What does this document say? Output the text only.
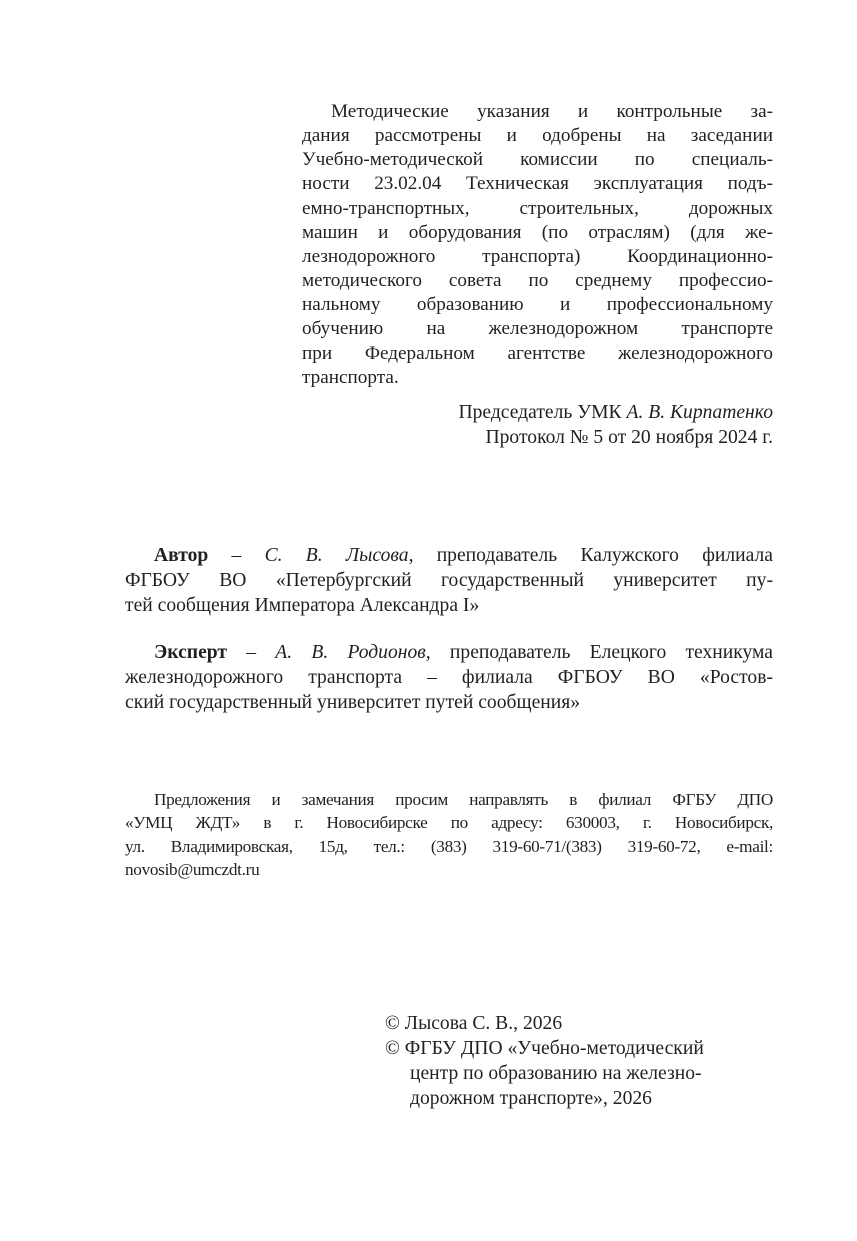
Методические указания и контрольные за-
дания рассмотрены и одобрены на заседании
Учебно-методической комиссии по специаль-
ности 23.02.04 Техническая эксплуатация подъ-
емно-транспортных, строительных, дорожных
машин и оборудования (по отраслям) (для же-
лезнодорожного транспорта) Координационно-
методического совета по среднему профессио-
нальному образованию и профессиональному
обучению на железнодорожном транспорте
при Федеральном агентстве железнодорожного
транспорта.
Председатель УМК А. В. Кирпатенко
Протокол № 5 от 20 ноября 2024 г.
Автор – С. В. Лысова, преподаватель Калужского филиала
ФГБОУ ВО «Петербургский государственный университет пу-
тей сообщения Императора Александра I»
Эксперт – А. В. Родионов, преподаватель Елецкого техникума
железнодорожного транспорта – филиала ФГБОУ ВО «Ростов-
ский государственный университет путей сообщения»
Предложения и замечания просим направлять в филиал ФГБУ ДПО
«УМЦ ЖДТ» в г. Новосибирске по адресу: 630003, г. Новосибирск,
ул. Владимировская, 15д, тел.: (383) 319-60-71/(383) 319-60-72, e-mail:
novosib@umczdt.ru
© Лысова С. В., 2026
© ФГБУ ДПО «Учебно-методический
центр по образованию на железно-
дорожном транспорте», 2026
